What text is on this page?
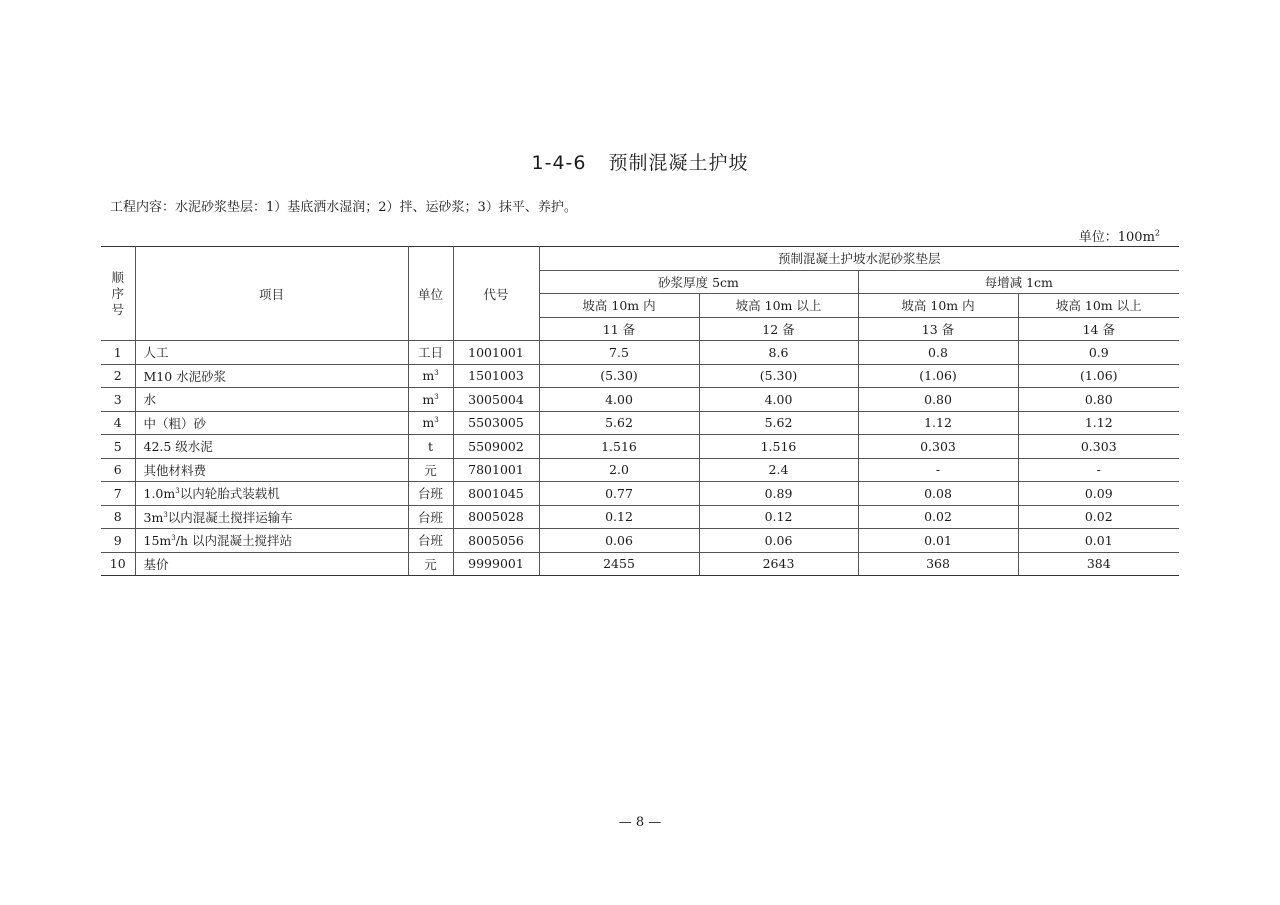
1-4-6 预制混凝土护坡
工程内容：水泥砂浆垫层：1）基底洒水湿润；2）拌、运砂浆；3）抹平、养护。
单位：$100m^2$
顺
序
号	项目	单位	代号	预制混凝土护坡水泥砂浆垫层			
				砂浆厚度 5cm		每增减 1cm	
				坡高 10m 内	坡高 10m 以上	坡高 10m 内	坡高 10m 以上
				11 备	12 备	13 备	14 备
1	人工	工日	1001001	7.5	8.6	0.8	0.9
2	M10 水泥砂浆	$m^3$	1501003	(5.30)	(5.30)	(1.06)	(1.06)
3	水	$m^3$	3005004	4.00	4.00	0.80	0.80
4	中（粗）砂	$m^3$	5503005	5.62	5.62	1.12	1.12
5	42.5 级水泥	t	5509002	1.516	1.516	0.303	0.303
6	其他材料费	元	7801001	2.0	2.4	-	-
7	$1.0m^3$以内轮胎式装载机	台班	8001045	0.77	0.89	0.08	0.09
8	$3m^3$以内混凝土搅拌运输车	台班	8005028	0.12	0.12	0.02	0.02
9	$15m^3/h$ 以内混凝土搅拌站	台班	8005056	0.06	0.06	0.01	0.01
10	基价	元	9999001	2455	2643	368	384
— 8 —
